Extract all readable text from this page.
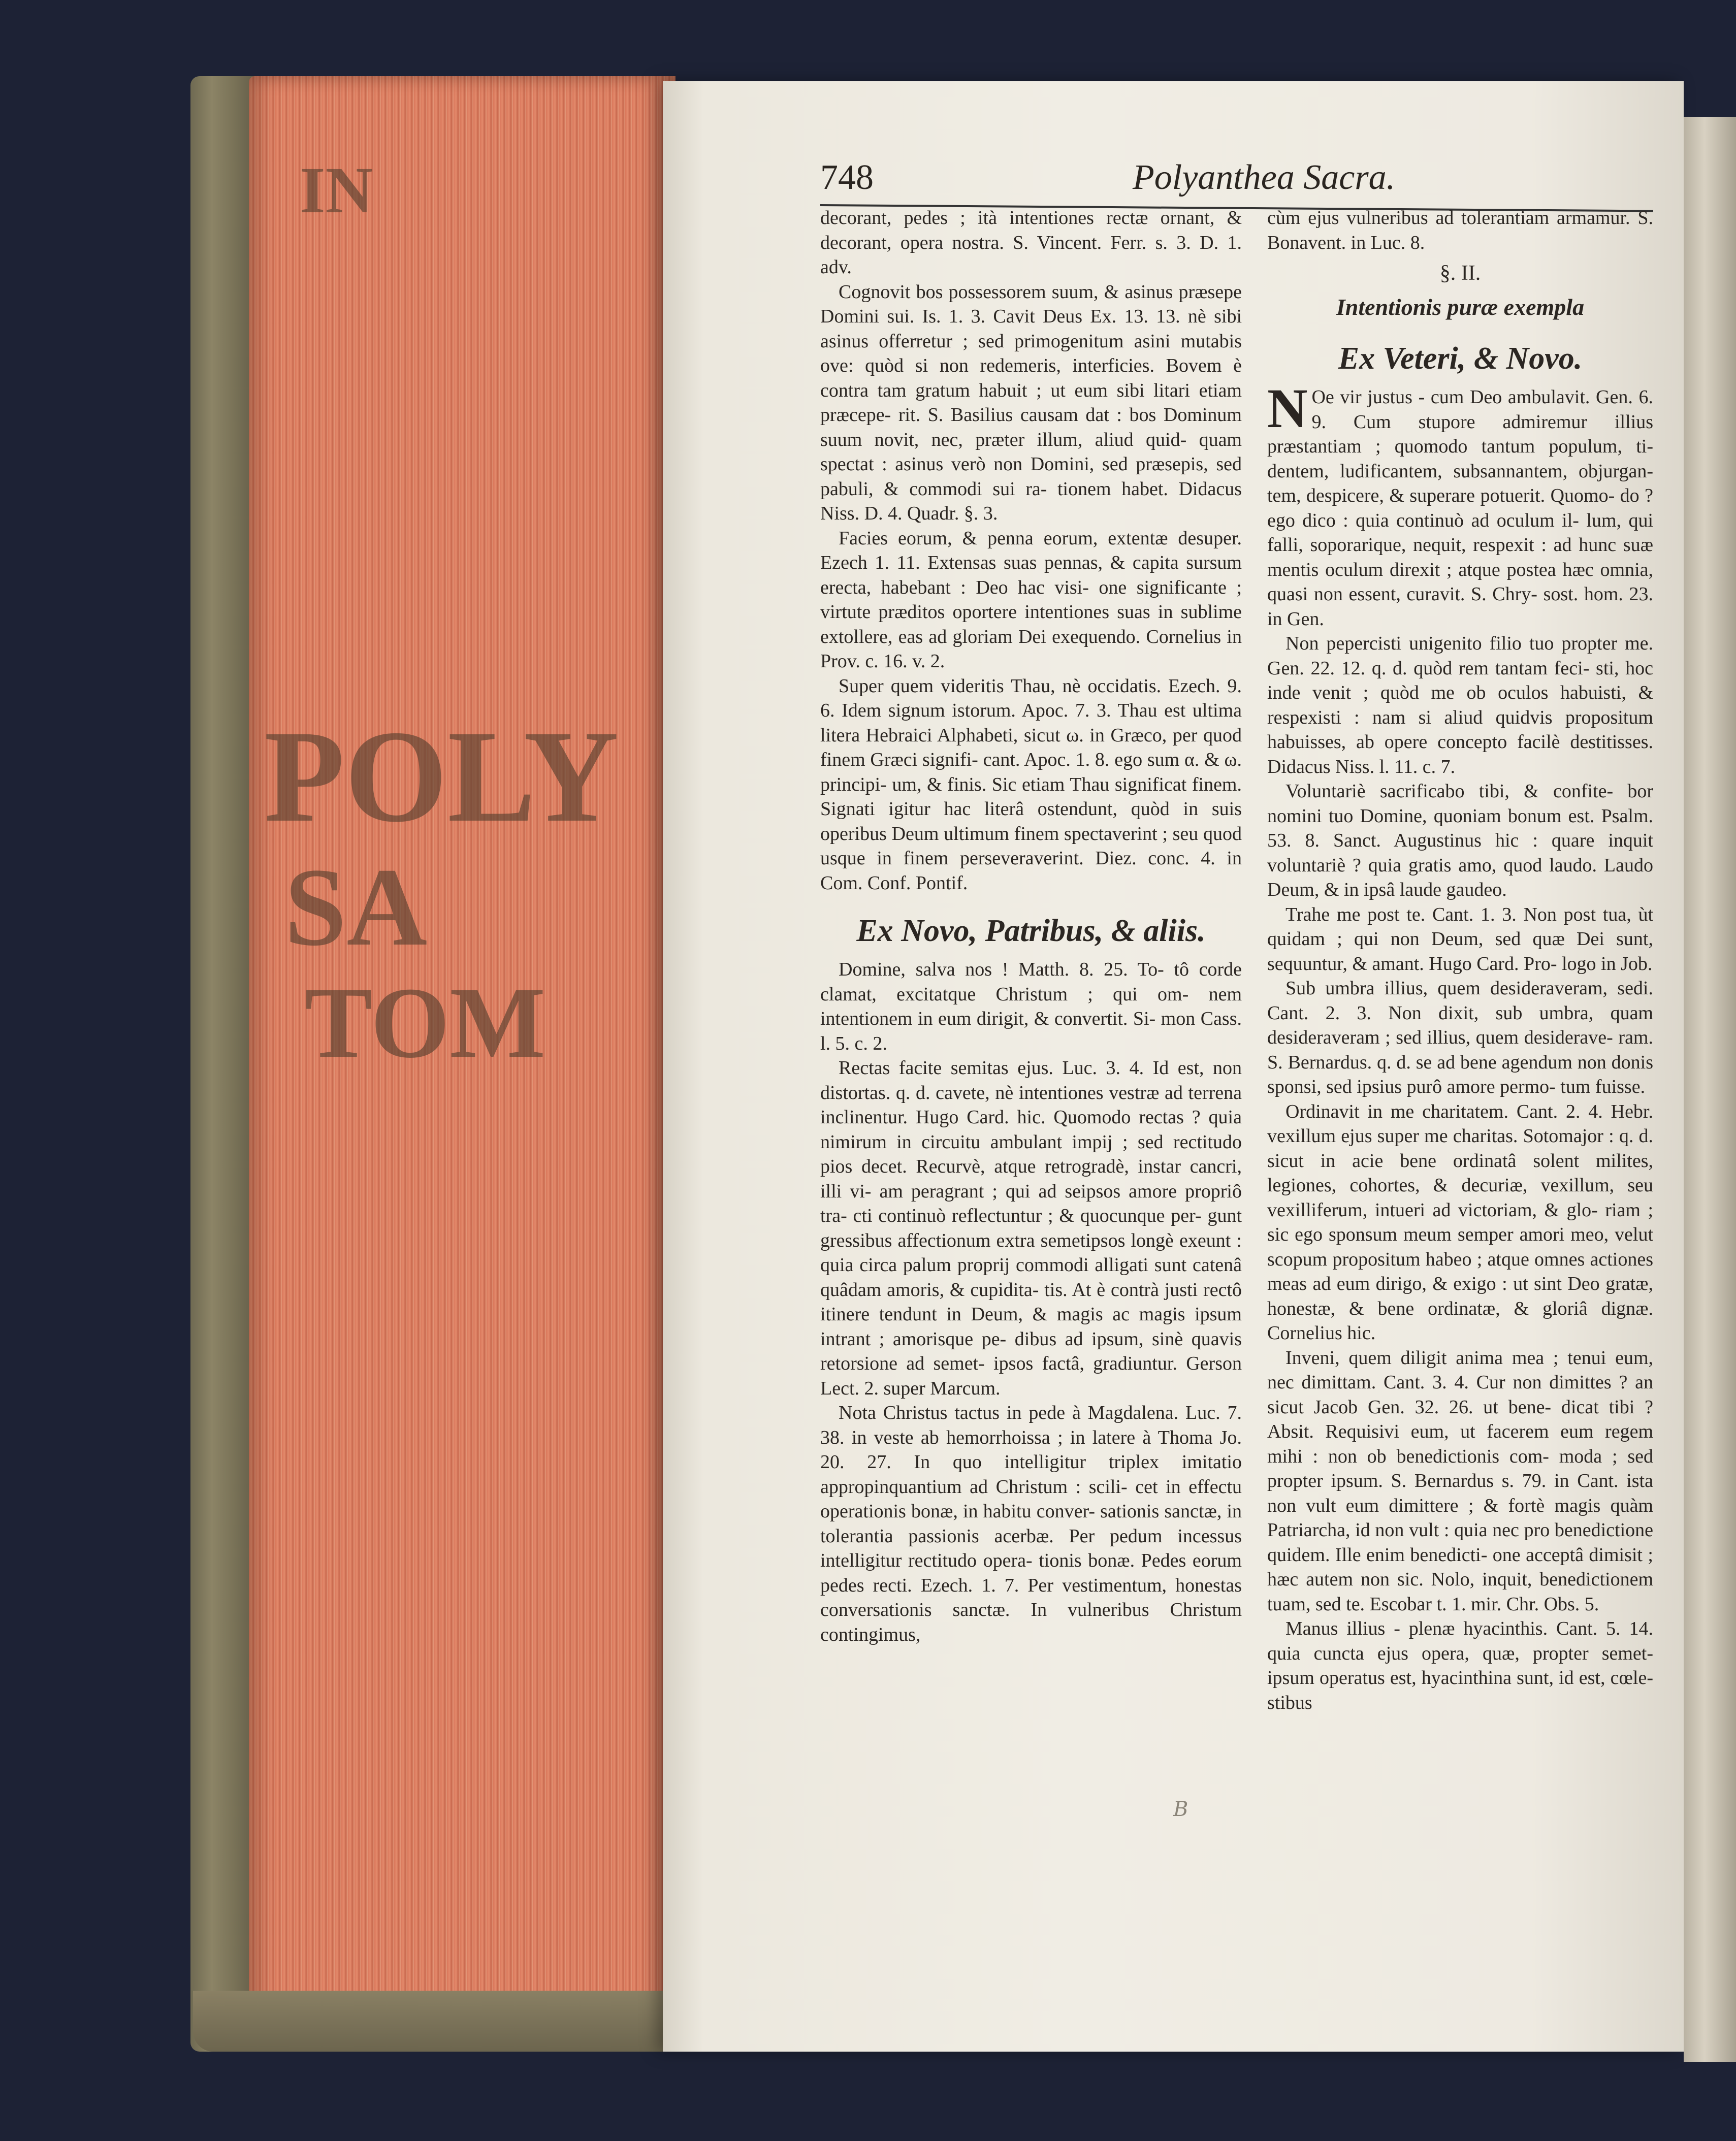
IN
POLY
SA
TOM
748	Polyanthea Sacra.

decorant, pedes ; ità intentiones rectæ ornant, & decorant, opera nostra. S. Vincent. Ferr. s. 3. D. 1. adv.

Cognovit bos possessorem suum, & asinus præsepe Domini sui. Is. 1. 3. Cavit Deus Ex. 13. 13. nè sibi asinus offerretur ; sed primogenitum asini mutabis ove: quòd si non redemeris, interficies. Bovem è contra tam gratum habuit ; ut eum sibi litari etiam præcepe- rit. S. Basilius causam dat : bos Dominum suum novit, nec, præter illum, aliud quid- quam spectat : asinus verò non Domini, sed præsepis, sed pabuli, & commodi sui ra- tionem habet. Didacus Niss. D. 4. Quadr. §. 3.

Facies eorum, & penna eorum, extentæ desuper. Ezech 1. 11. Extensas suas pennas, & capita sursum erecta, habebant : Deo hac visi- one significante ; virtute præditos oportere intentiones suas in sublime extollere, eas ad gloriam Dei exequendo. Cornelius in Prov. c. 16. v. 2.

Super quem videritis Thau, nè occidatis. Ezech. 9. 6. Idem signum istorum. Apoc. 7. 3. Thau est ultima litera Hebraici Alphabeti, sicut ω. in Græco, per quod finem Græci signifi- cant. Apoc. 1. 8. ego sum α. & ω. principi- um, & finis. Sic etiam Thau significat finem. Signati igitur hac literâ ostendunt, quòd in suis operibus Deum ultimum finem spectaverint ; seu quod usque in finem perseveraverint. Diez. conc. 4. in Com. Conf. Pontif.

Ex Novo, Patribus, & aliis.

Domine, salva nos ! Matth. 8. 25. To- tô corde clamat, excitatque Christum ; qui om- nem intentionem in eum dirigit, & convertit. Si- mon Cass. l. 5. c. 2.

Rectas facite semitas ejus. Luc. 3. 4. Id est, non distortas. q. d. cavete, nè intentiones vestræ ad terrena inclinentur. Hugo Card. hic. Quomodo rectas ? quia nimirum in circuitu ambulant impij ; sed rectitudo pios decet. Recurvè, atque retrogradè, instar cancri, illi vi- am peragrant ; qui ad seipsos amore propriô tra- cti continuò reflectuntur ; & quocunque per- gunt gressibus affectionum extra semetipsos longè exeunt : quia circa palum proprij commodi alligati sunt catenâ quâdam amoris, & cupidita- tis. At è contrà justi rectô itinere tendunt in Deum, & magis ac magis ipsum intrant ; amorisque pe- dibus ad ipsum, sinè quavis retorsione ad semet- ipsos factâ, gradiuntur. Gerson Lect. 2. super Marcum.

Nota Christus tactus in pede à Magdalena. Luc. 7. 38. in veste ab hemorrhoissa ; in latere à Thoma Jo. 20. 27. In quo intelligitur triplex imitatio appropinquantium ad Christum : scili- cet in effectu operationis bonæ, in habitu conver- sationis sanctæ, in tolerantia passionis acerbæ. Per pedum incessus intelligitur rectitudo opera- tionis bonæ. Pedes eorum pedes recti. Ezech. 1. 7. Per vestimentum, honestas conversationis sanctæ. In vulneribus Christum contingimus,

cùm ejus vulneribus ad tolerantiam armamur. S. Bonavent. in Luc. 8.

§. II.
Intentionis puræ exempla
Ex Veteri, & Novo.

N Oe vir justus - cum Deo ambulavit. Gen. 6. 9. Cum stupore admiremur illius præstantiam ; quomodo tantum populum, ti- dentem, ludificantem, subsannantem, objurgan- tem, despicere, & superare potuerit. Quomo- do ? ego dico : quia continuò ad oculum il- lum, qui falli, soporarique, nequit, respexit : ad hunc suæ mentis oculum direxit ; atque postea hæc omnia, quasi non essent, curavit. S. Chry- sost. hom. 23. in Gen.

Non pepercisti unigenito filio tuo propter me. Gen. 22. 12. q. d. quòd rem tantam feci- sti, hoc inde venit ; quòd me ob oculos habuisti, & respexisti : nam si aliud quidvis propositum habuisses, ab opere concepto facilè destitisses. Didacus Niss. l. 11. c. 7.

Voluntariè sacrificabo tibi, & confite- bor nomini tuo Domine, quoniam bonum est. Psalm. 53. 8. Sanct. Augustinus hic : quare inquit voluntariè ? quia gratis amo, quod laudo. Laudo Deum, & in ipsâ laude gaudeo.

Trahe me post te. Cant. 1. 3. Non post tua, ùt quidam ; qui non Deum, sed quæ Dei sunt, sequuntur, & amant. Hugo Card. Pro- logo in Job.

Sub umbra illius, quem desideraveram, sedi. Cant. 2. 3. Non dixit, sub umbra, quam desideraveram ; sed illius, quem desiderave- ram. S. Bernardus. q. d. se ad bene agendum non donis sponsi, sed ipsius purô amore permo- tum fuisse.

Ordinavit in me charitatem. Cant. 2. 4. Hebr. vexillum ejus super me charitas. Sotomajor : q. d. sicut in acie bene ordinatâ solent milites, legiones, cohortes, & decuriæ, vexillum, seu vexilliferum, intueri ad victoriam, & glo- riam ; sic ego sponsum meum semper amori meo, velut scopum propositum habeo ; atque omnes actiones meas ad eum dirigo, & exigo : ut sint Deo gratæ, honestæ, & bene ordinatæ, & gloriâ dignæ. Cornelius hic.

Inveni, quem diligit anima mea ; tenui eum, nec dimittam. Cant. 3. 4. Cur non dimittes ? an sicut Jacob Gen. 32. 26. ut bene- dicat tibi ? Absit. Requisivi eum, ut facerem eum regem mihi : non ob benedictionis com- moda ; sed propter ipsum. S. Bernardus s. 79. in Cant. ista non vult eum dimittere ; & fortè magis quàm Patriarcha, id non vult : quia nec pro benedictione quidem. Ille enim benedicti- one acceptâ dimisit ; hæc autem non sic. Nolo, inquit, benedictionem tuam, sed te. Escobar t. 1. mir. Chr. Obs. 5.

Manus illius - plenæ hyacinthis. Cant. 5. 14. quia cuncta ejus opera, quæ, propter semet- ipsum operatus est, hyacinthina sunt, id est, cœle- stibus

B
